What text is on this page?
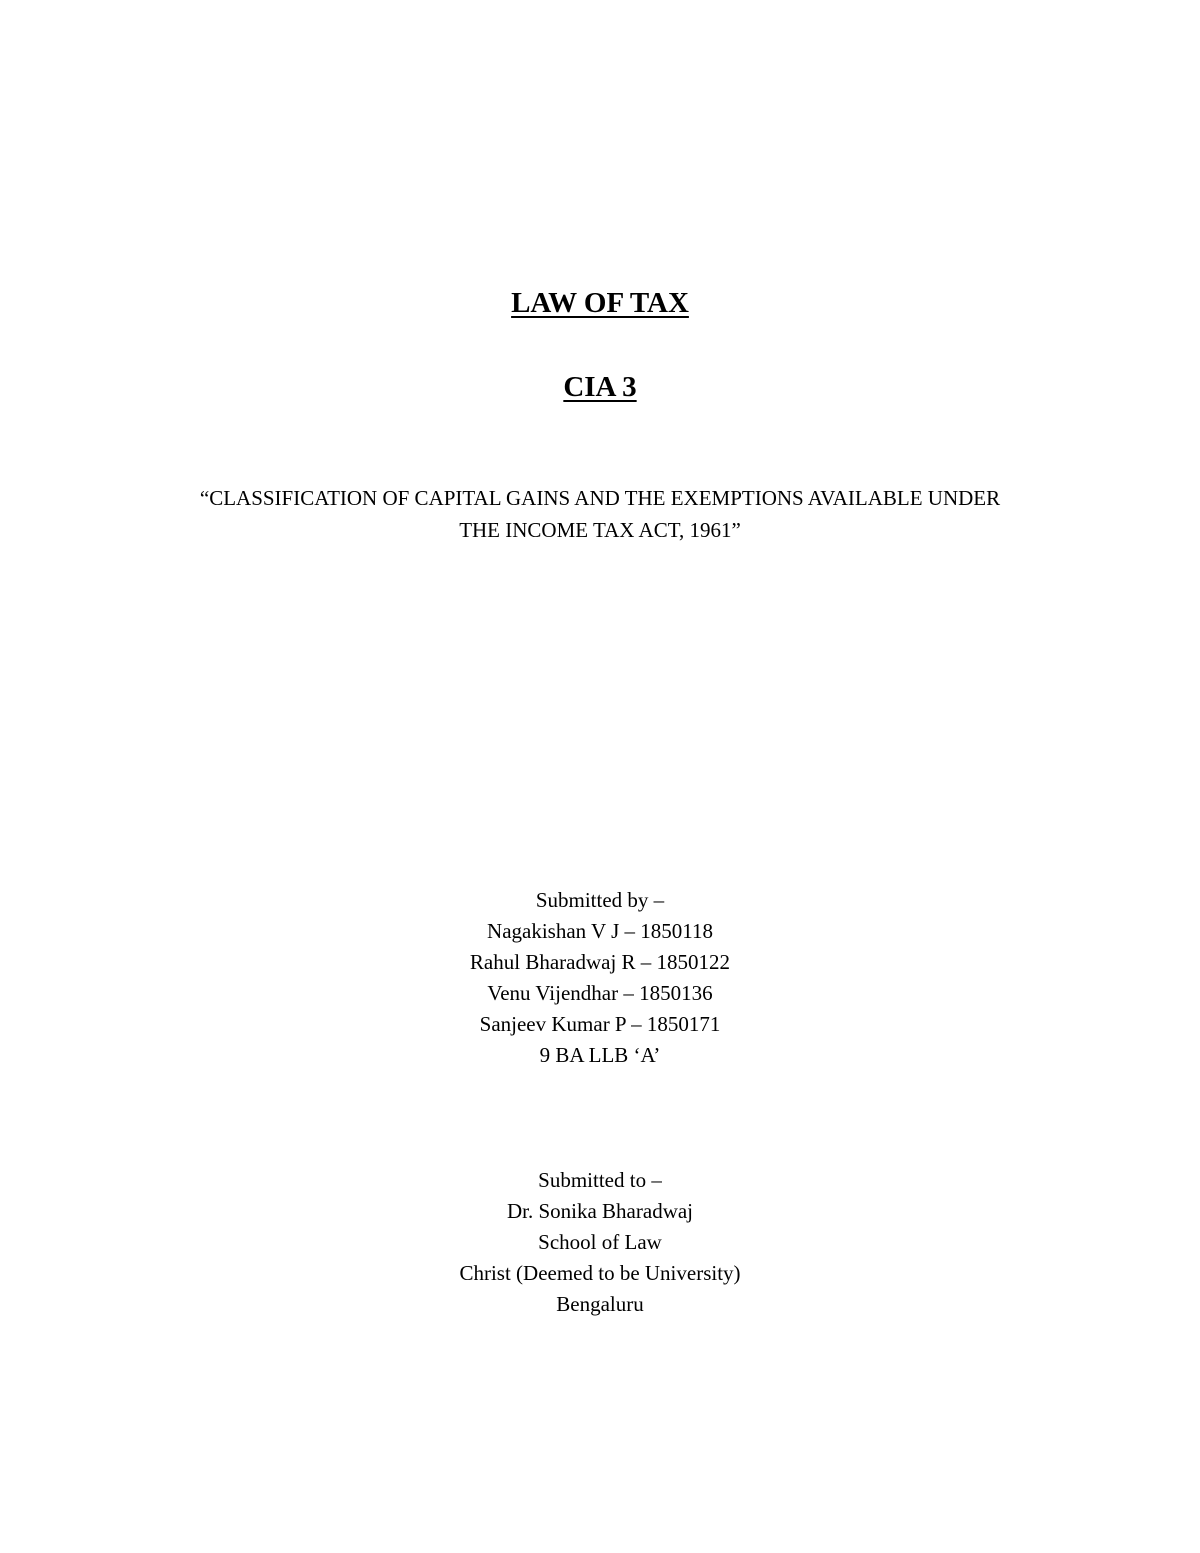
LAW OF TAX
CIA 3
“CLASSIFICATION OF CAPITAL GAINS AND THE EXEMPTIONS AVAILABLE UNDER
THE INCOME TAX ACT, 1961”
Submitted by –
Nagakishan V J – 1850118
Rahul Bharadwaj R – 1850122
Venu Vijendhar – 1850136
Sanjeev Kumar P – 1850171
9 BA LLB ‘A’
Submitted to –
Dr. Sonika Bharadwaj
School of Law
Christ (Deemed to be University)
Bengaluru
